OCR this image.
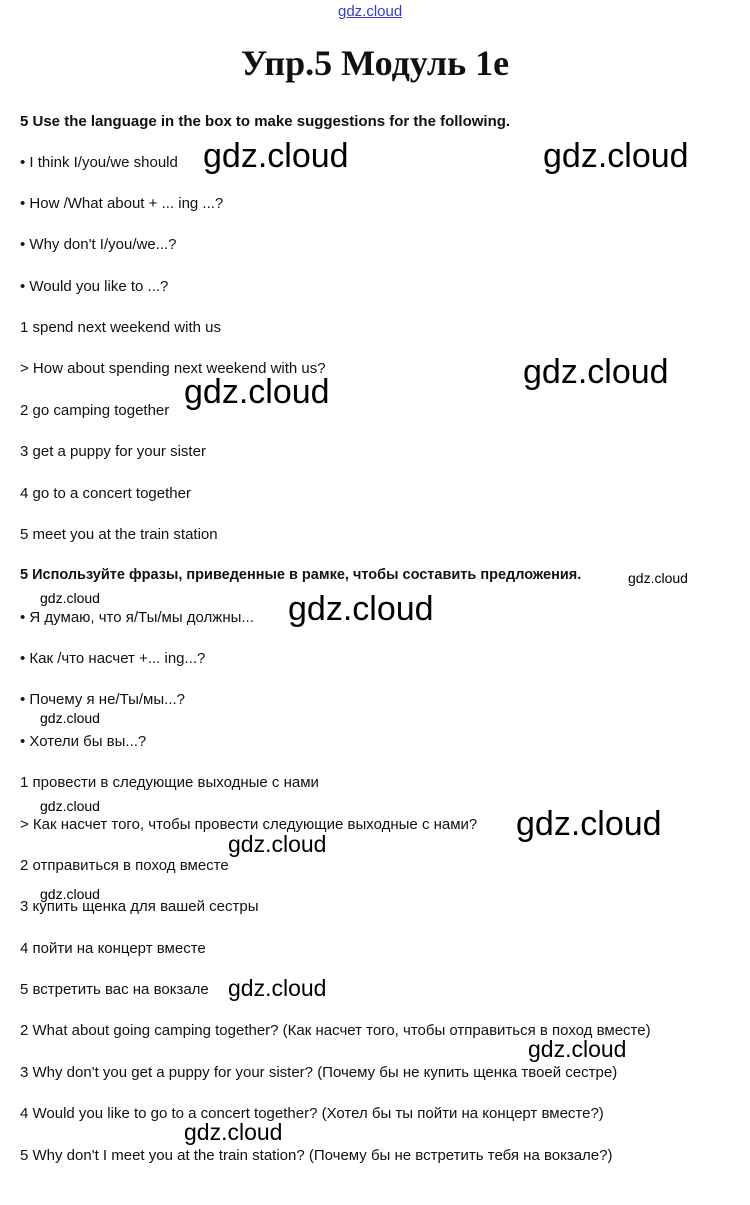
gdz.cloud
Упр.5 Модуль 1е
5 Use the language in the box to make suggestions for the following.
• I think I/you/we should
• How /What about + ... ing ...?
• Why don't I/you/we...?
• Would you like to ...?
1 spend next weekend with us
> How about spending next weekend with us?
2 go camping together
3 get a puppy for your sister
4 go to a concert together
5 meet you at the train station
5 Используйте фразы, приведенные в рамке, чтобы составить предложения.
• Я думаю, что я/Ты/мы должны...
• Как /что насчет +... ing...?
• Почему я не/Ты/мы...?
• Хотели бы вы...?
1 провести в следующие выходные с нами
> Как насчет того, чтобы провести следующие выходные с нами?
2 отправиться в поход вместе
3 купить щенка для вашей сестры
4 пойти на концерт вместе
5 встретить вас на вокзале
2 What about going camping together? (Как насчет того, чтобы отправиться в поход вместе)
3 Why don't you get a puppy for your sister? (Почему бы не купить щенка твоей сестре)
4 Would you like to go to a concert together? (Хотел бы ты пойти на концерт вместе?)
5 Why don't I meet you at the train station? (Почему бы не встретить тебя на вокзале?)
gdz.cloud	gdz.cloud
gdz.cloud
gdz.cloud
gdz.cloud
gdz.cloud	gdz.cloud
gdz.cloud
gdz.cloud	gdz.cloud
gdz.cloud
gdz.cloud
gdz.cloud
gdz.cloud
gdz.cloud
